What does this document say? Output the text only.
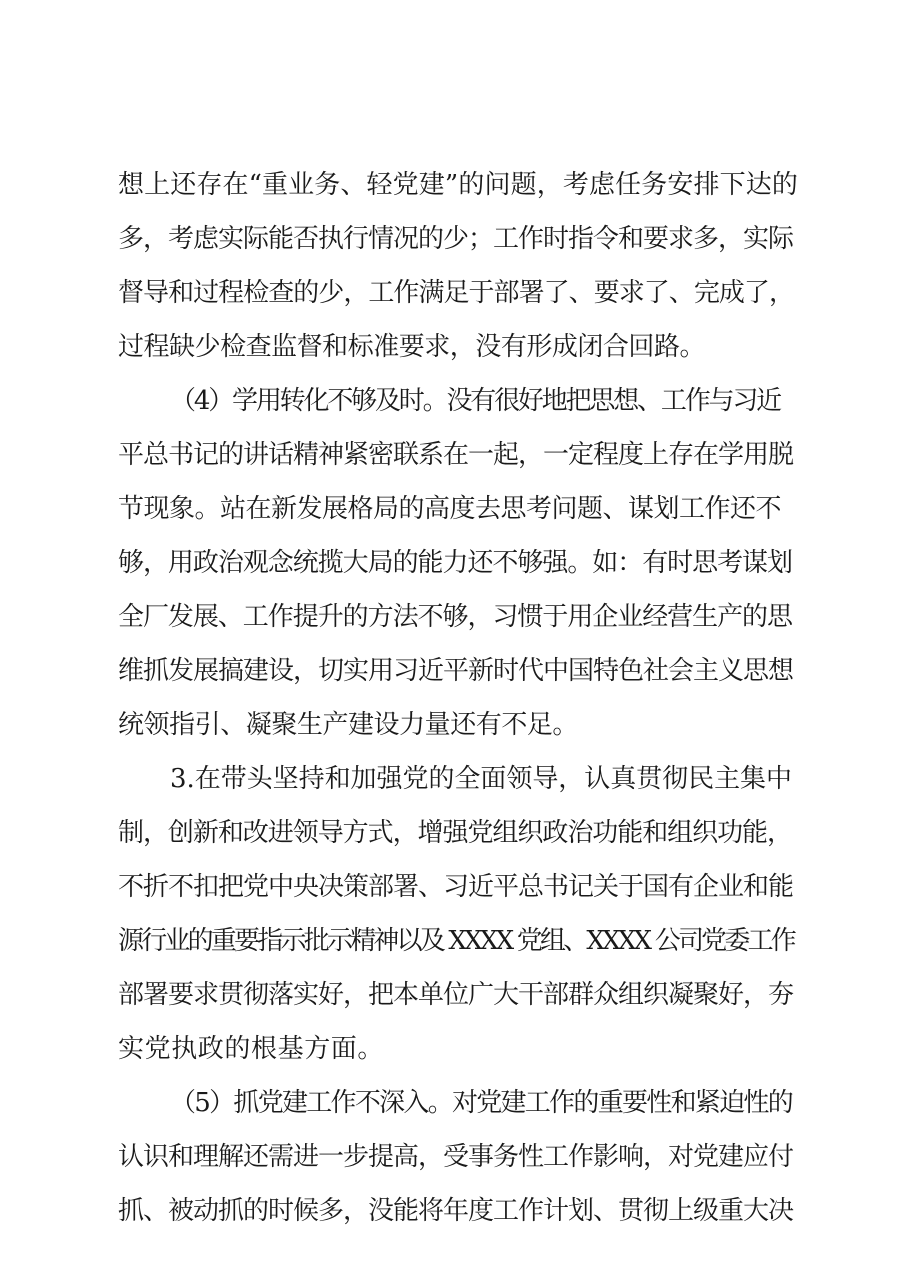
想上还存在“重业务、轻党建”的问题，考虑任务安排下达的
多，考虑实际能否执行情况的少；工作时指令和要求多，实际
督导和过程检查的少，工作满足于部署了、要求了、完成了，
过程缺少检查监督和标准要求，没有形成闭合回路。
（4）学用转化不够及时。没有很好地把思想、工作与习近
平总书记的讲话精神紧密联系在一起，一定程度上存在学用脱
节现象。站在新发展格局的高度去思考问题、谋划工作还不
够，用政治观念统揽大局的能力还不够强。如：有时思考谋划
全厂发展、工作提升的方法不够，习惯于用企业经营生产的思
维抓发展搞建设，切实用习近平新时代中国特色社会主义思想
统领指引、凝聚生产建设力量还有不足。
3.在带头坚持和加强党的全面领导，认真贯彻民主集中
制，创新和改进领导方式，增强党组织政治功能和组织功能，
不折不扣把党中央决策部署、习近平总书记关于国有企业和能
源行业的重要指示批示精神以及 XXXX 党组、XXXX 公司党委工作
部署要求贯彻落实好，把本单位广大干部群众组织凝聚好，夯
实党执政的根基方面。
（5）抓党建工作不深入。对党建工作的重要性和紧迫性的
认识和理解还需进一步提高，受事务性工作影响，对党建应付
抓、被动抓的时候多，没能将年度工作计划、贯彻上级重大决
